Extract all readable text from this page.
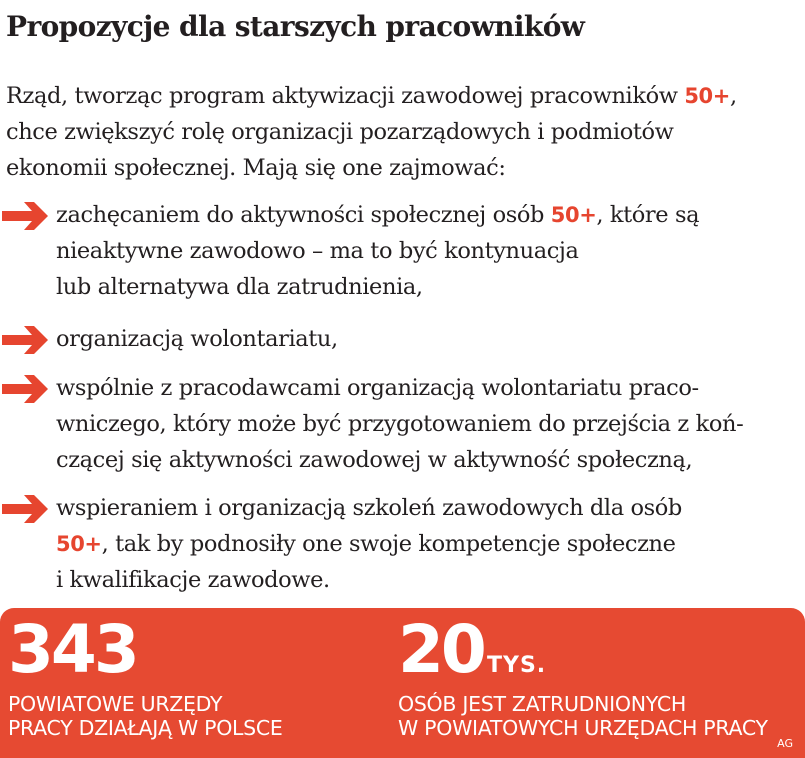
Propozycje dla starszych pracowników
Rząd, tworząc program aktywizacji zawodowej pracowników 50+,
chce zwiększyć rolę organizacji pozarządowych i podmiotów
ekonomii społecznej. Mają się one zajmować:
zachęcaniem do aktywności społecznej osób 50+, które są
nieaktywne zawodowo – ma to być kontynuacja
lub alternatywa dla zatrudnienia,
organizacją wolontariatu,
wspólnie z pracodawcami organizacją wolontariatu praco-
wniczego, który może być przygotowaniem do przejścia z koń-
czącej się aktywności zawodowej w aktywność społeczną,
wspieraniem i organizacją szkoleń zawodowych dla osób
50+, tak by podnosiły one swoje kompetencje społeczne
i kwalifikacje zawodowe.
343
POWIATOWE URZĘDY
PRACY DZIAŁAJĄ W POLSCE
20 TYS.
OSÓB JEST ZATRUDNIONYCH
W POWIATOWYCH URZĘDACH PRACY
AG
